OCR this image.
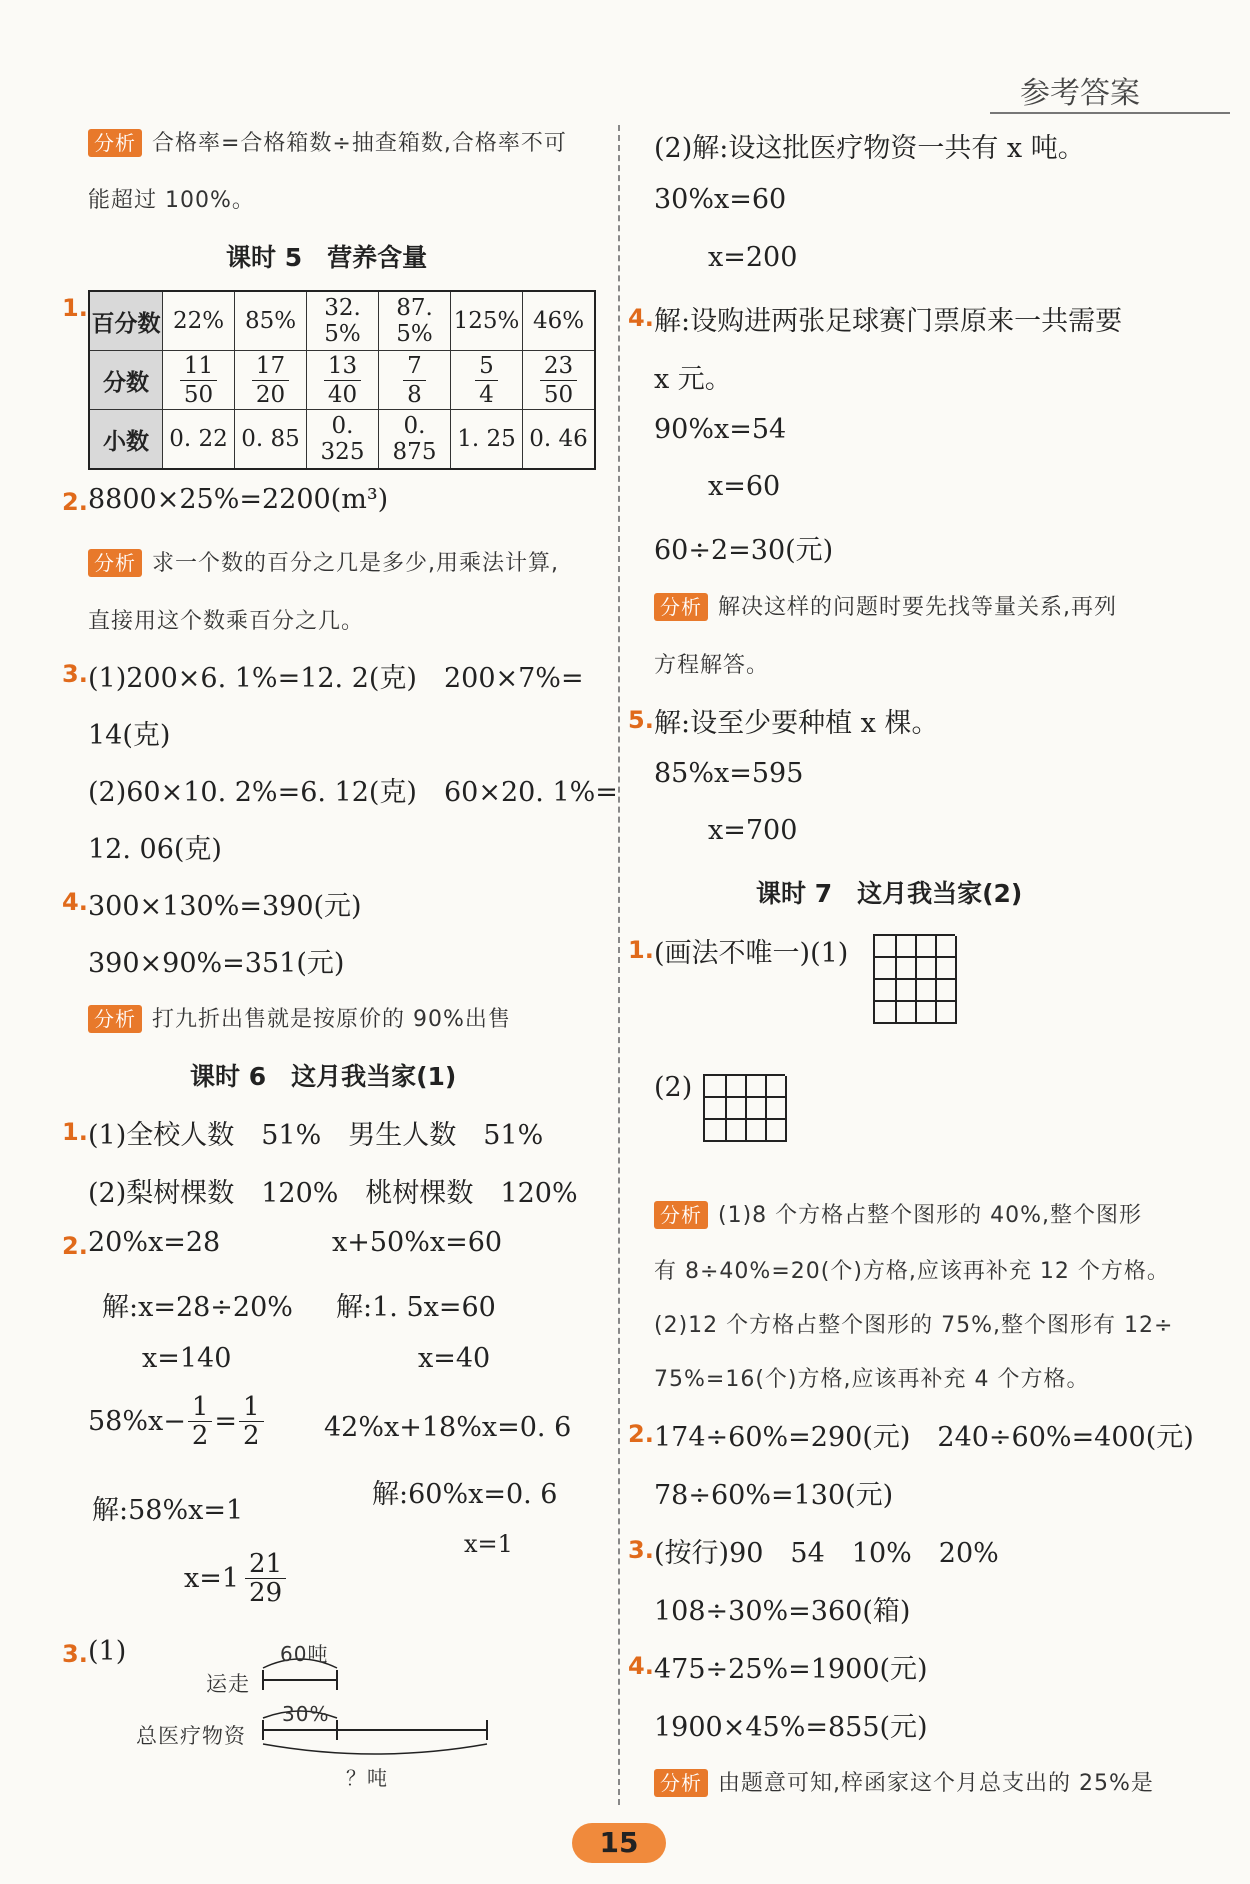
参考答案
分析 合格率=合格箱数÷抽查箱数,合格率不可
能超过 100%。
课时 5　营养含量
1.
百分数	22%	85%	32. 5%	87. 5%	125%	46%
分数	$\frac{11}{50}$	$\frac{17}{20}$	$\frac{13}{40}$	$\frac{7}{8}$	$\frac{5}{4}$	$\frac{23}{50}$

小数	0. 22	0. 85	0. 325	0. 875	1. 25	0. 46
2. 8800×25%=2200(m³)
分析 求一个数的百分之几是多少,用乘法计算,
直接用这个数乘百分之几。
3. (1)200×6. 1%=12. 2(克)　200×7%=
14(克)
(2)60×10. 2%=6. 12(克)　60×20. 1%=
12. 06(克)
4. 300×130%=390(元)
390×90%=351(元)
分析 打九折出售就是按原价的 90%出售
课时 6　这月我当家(1)
1. (1)全校人数　51%　男生人数　51%
(2)梨树棵数　120%　桃树棵数　120%
2. 20%x=28
解:x=28÷20%
x=140
x+50%x=60
解:1. 5x=60
x=40
$58\%x- \frac{1}{2} = \frac{1}{2}$
解:58%x=1
$x=1 \frac{21}{29}$
42%x+18%x=0. 6
解:60%x=0. 6
x=1
3. (1)	60吨
运走
30%
总医疗物资
？吨
(2)解:设这批医疗物资一共有 x 吨。
30%x=60
x=200
4. 解:设购进两张足球赛门票原来一共需要
x 元。
90%x=54
x=60
60÷2=30(元)
分析 解决这样的问题时要先找等量关系,再列
方程解答。
5. 解:设至少要种植 x 棵。
85%x=595
x=700
课时 7　这月我当家(2)
1. (画法不唯一)(1)
(2)
分析 (1)8 个方格占整个图形的 40%,整个图形
有 8÷40%=20(个)方格,应该再补充 12 个方格。
(2)12 个方格占整个图形的 75%,整个图形有 12÷
75%=16(个)方格,应该再补充 4 个方格。
2. 174÷60%=290(元)　240÷60%=400(元)
78÷60%=130(元)
3. (按行)90　54　10%　20%
108÷30%=360(箱)
4. 475÷25%=1900(元)
1900×45%=855(元)
分析 由题意可知,梓函家这个月总支出的 25%是
15
